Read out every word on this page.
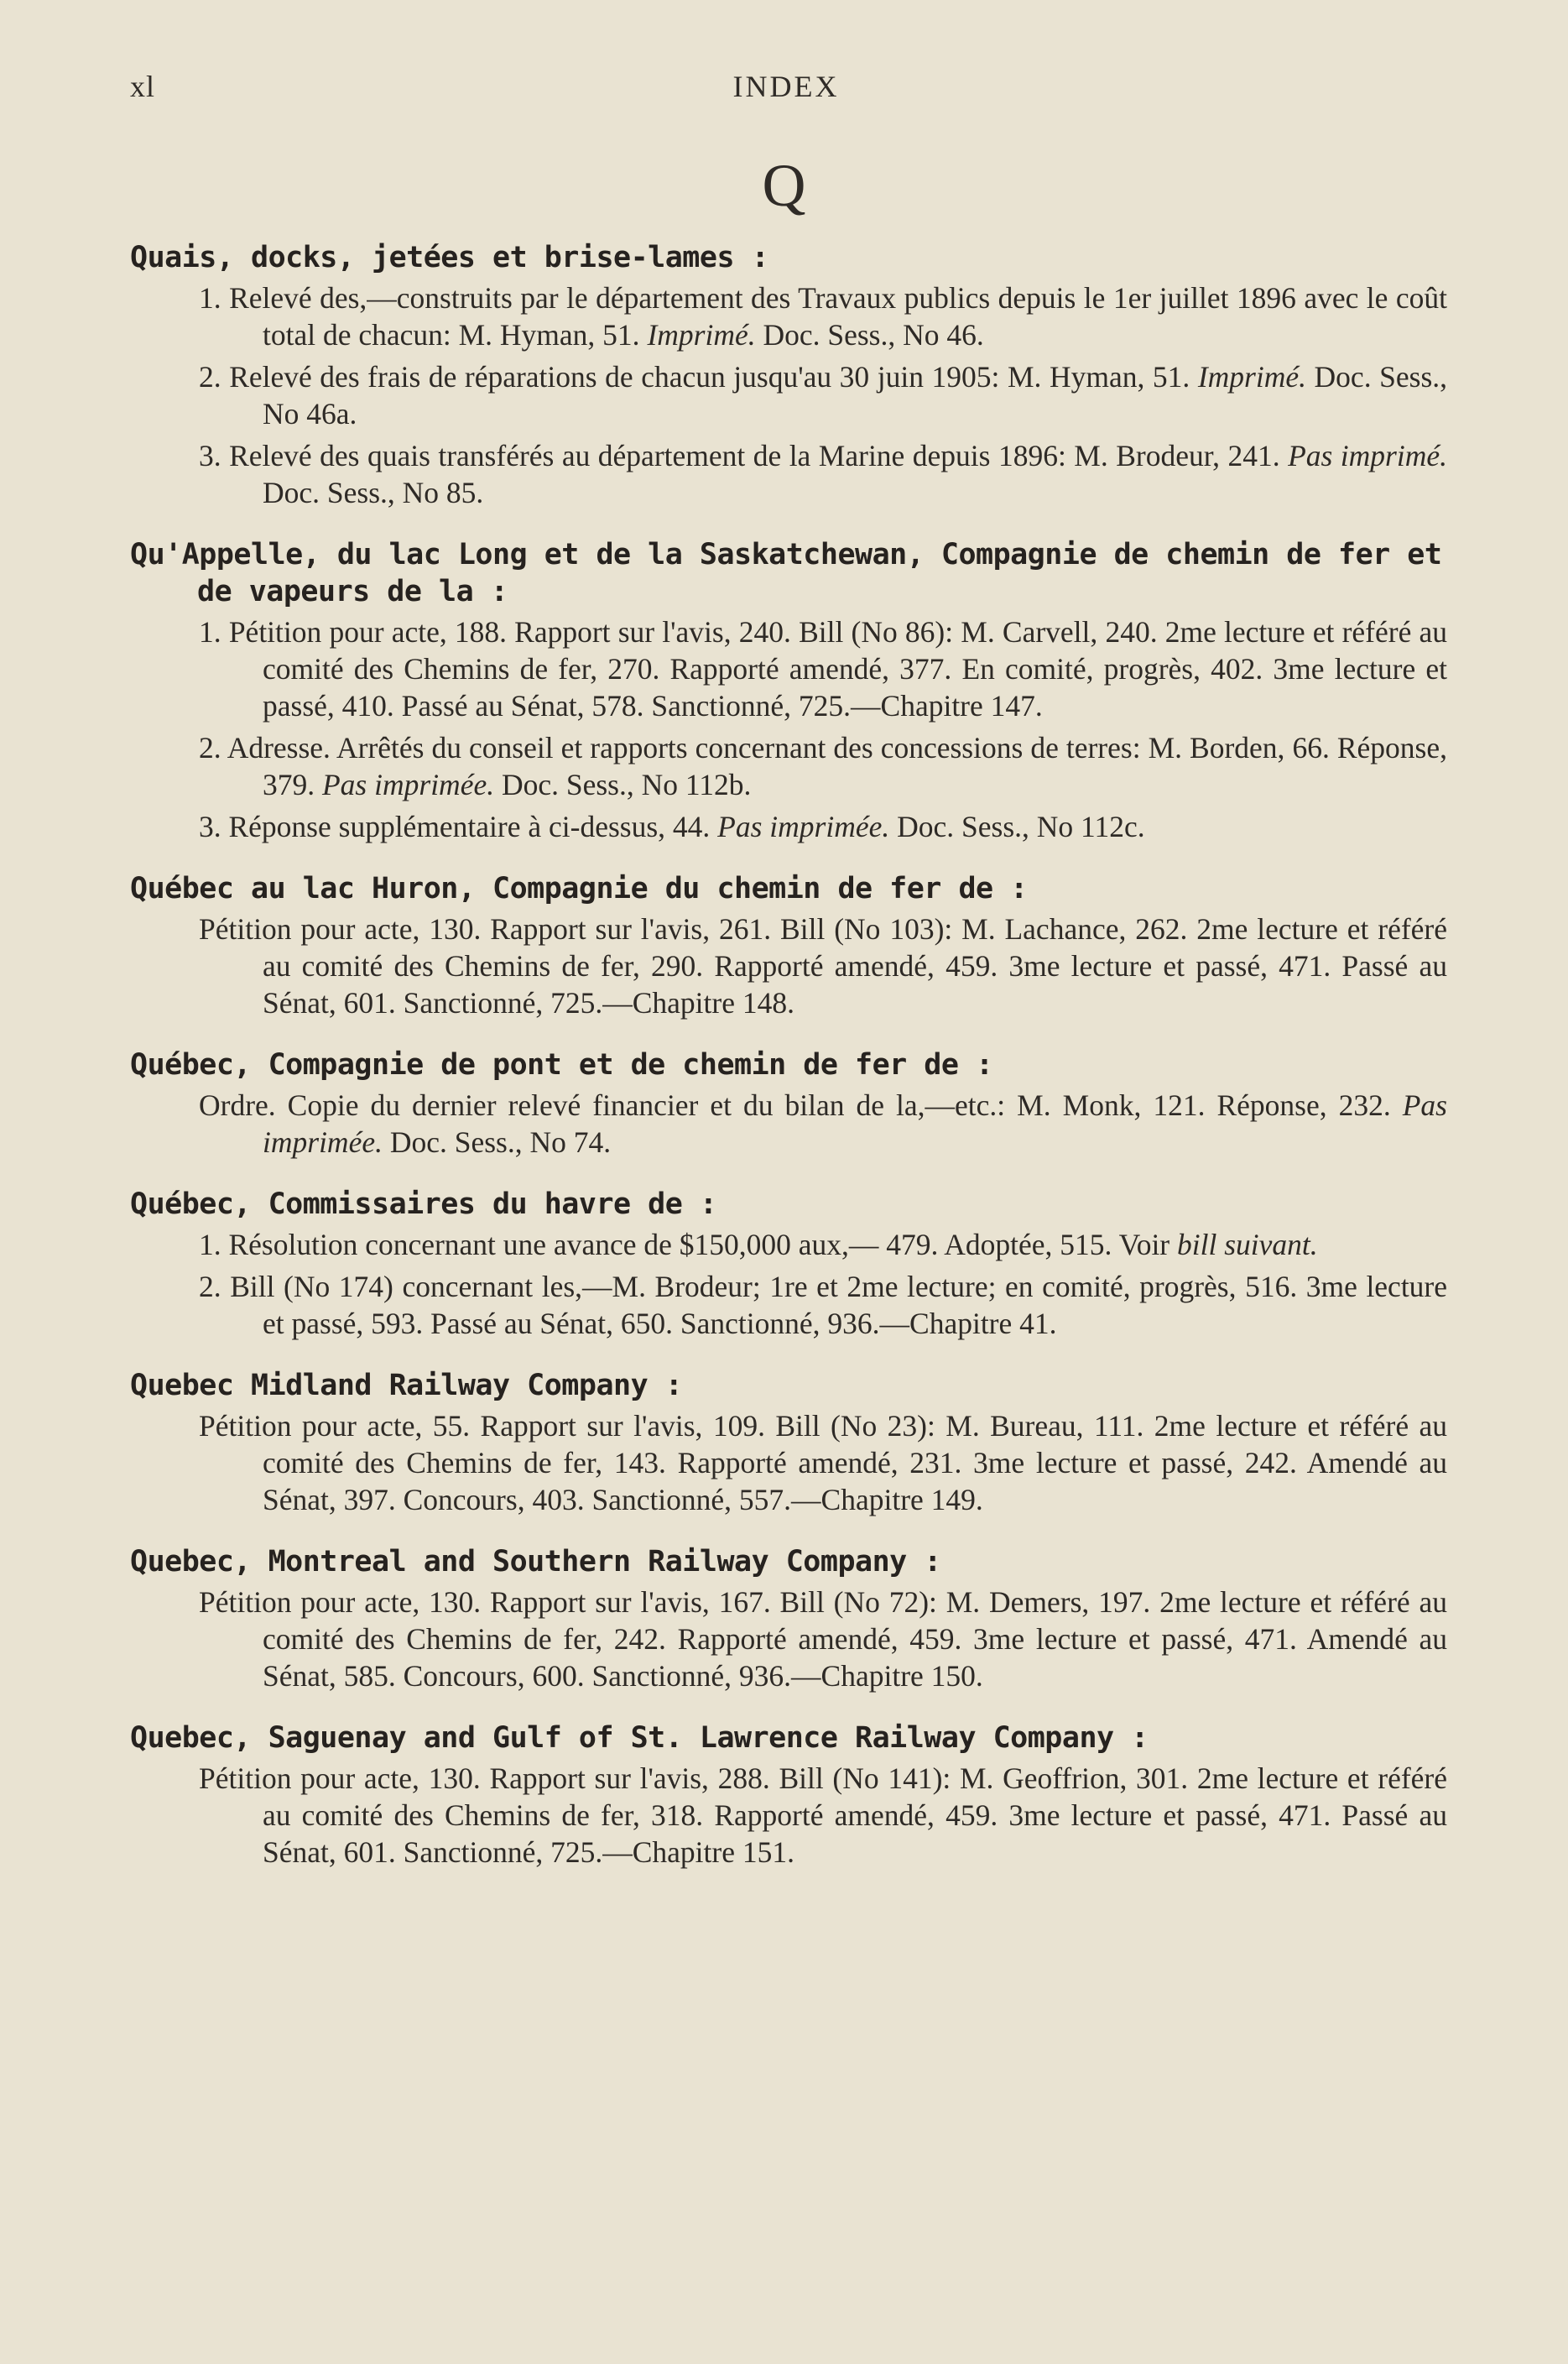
xl	INDEX
Q
Quais, docks, jetées et brise-lames :
1. Relevé des,—construits par le département des Travaux publics depuis le 1er juillet 1896 avec le coût total de chacun: M. Hyman, 51. Imprimé. Doc. Sess., No 46.
2. Relevé des frais de réparations de chacun jusqu'au 30 juin 1905: M. Hyman, 51. Imprimé. Doc. Sess., No 46a.
3. Relevé des quais transférés au département de la Marine depuis 1896: M. Brodeur, 241. Pas imprimé. Doc. Sess., No 85.
Qu'Appelle, du lac Long et de la Saskatchewan, Compagnie de chemin de fer et de vapeurs de la :
1. Pétition pour acte, 188. Rapport sur l'avis, 240. Bill (No 86): M. Carvell, 240. 2me lecture et référé au comité des Chemins de fer, 270. Rapporté amendé, 377. En comité, progrès, 402. 3me lecture et passé, 410. Passé au Sénat, 578. Sanctionné, 725.—Chapitre 147.
2. Adresse. Arrêtés du conseil et rapports concernant des concessions de terres: M. Borden, 66. Réponse, 379. Pas imprimée. Doc. Sess., No 112b.
3. Réponse supplémentaire à ci-dessus, 44. Pas imprimée. Doc. Sess., No 112c.
Québec au lac Huron, Compagnie du chemin de fer de :
Pétition pour acte, 130. Rapport sur l'avis, 261. Bill (No 103): M. Lachance, 262. 2me lecture et référé au comité des Chemins de fer, 290. Rapporté amendé, 459. 3me lecture et passé, 471. Passé au Sénat, 601. Sanctionné, 725.—Chapitre 148.
Québec, Compagnie de pont et de chemin de fer de :
Ordre. Copie du dernier relevé financier et du bilan de la,—etc.: M. Monk, 121. Réponse, 232. Pas imprimée. Doc. Sess., No 74.
Québec, Commissaires du havre de :
1. Résolution concernant une avance de $150,000 aux,— 479. Adoptée, 515. Voir bill suivant.
2. Bill (No 174) concernant les,—M. Brodeur; 1re et 2me lecture; en comité, progrès, 516. 3me lecture et passé, 593. Passé au Sénat, 650. Sanctionné, 936.—Chapitre 41.
Quebec Midland Railway Company :
Pétition pour acte, 55. Rapport sur l'avis, 109. Bill (No 23): M. Bureau, 111. 2me lecture et référé au comité des Chemins de fer, 143. Rapporté amendé, 231. 3me lecture et passé, 242. Amendé au Sénat, 397. Concours, 403. Sanctionné, 557.—Chapitre 149.
Quebec, Montreal and Southern Railway Company :
Pétition pour acte, 130. Rapport sur l'avis, 167. Bill (No 72): M. Demers, 197. 2me lecture et référé au comité des Chemins de fer, 242. Rapporté amendé, 459. 3me lecture et passé, 471. Amendé au Sénat, 585. Concours, 600. Sanctionné, 936.—Chapitre 150.
Quebec, Saguenay and Gulf of St. Lawrence Railway Company :
Pétition pour acte, 130. Rapport sur l'avis, 288. Bill (No 141): M. Geoffrion, 301. 2me lecture et référé au comité des Chemins de fer, 318. Rapporté amendé, 459. 3me lecture et passé, 471. Passé au Sénat, 601. Sanctionné, 725.—Chapitre 151.
